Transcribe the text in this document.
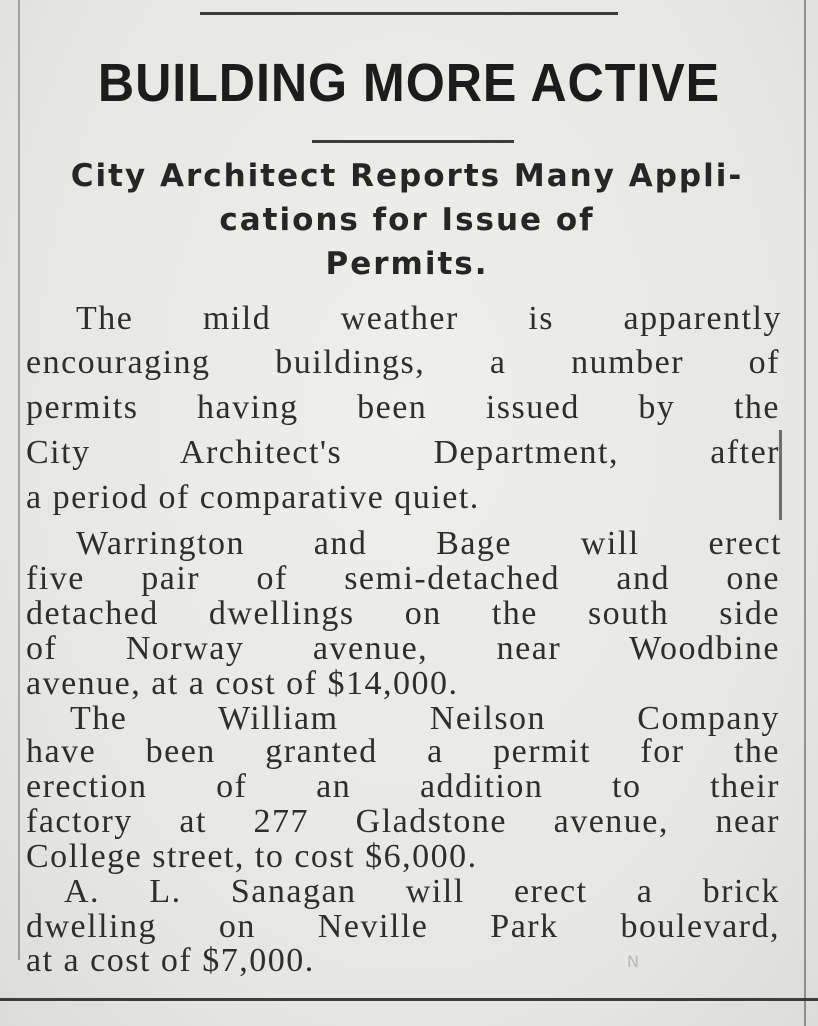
BUILDING MORE ACTIVE
City Architect Reports Many Appli-
cations for Issue of
Permits.
The mild weather is apparently
encouraging buildings, a number of
permits having been issued by the
City Architect's Department, after
a period of comparative quiet.
Warrington and Bage will erect
five pair of semi-detached and one
detached dwellings on the south side
of Norway avenue, near Woodbine
avenue, at a cost of $14,000.
The William Neilson Company
have been granted a permit for the
erection of an addition to their
factory at 277 Gladstone avenue, near
College street, to cost $6,000.
A. L. Sanagan will erect a brick
dwelling on Neville Park boulevard,
at a cost of $7,000.	N
